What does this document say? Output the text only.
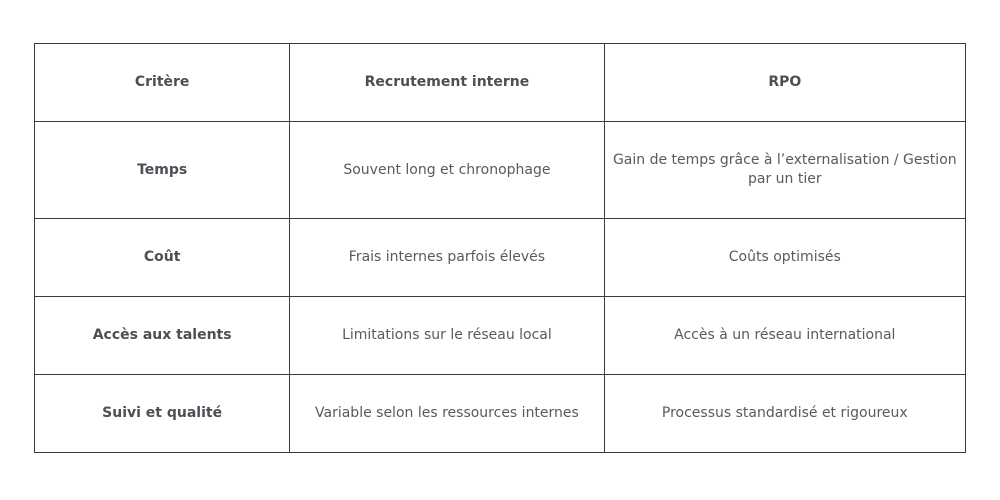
Critère	Recrutement interne	RPO
Temps	Souvent long et chronophage	Gain de temps grâce à l’externalisation / Gestion par un tier
Coût	Frais internes parfois élevés	Coûts optimisés
Accès aux talents	Limitations sur le réseau local	Accès à un réseau international
Suivi et qualité	Variable selon les ressources internes	Processus standardisé et rigoureux
